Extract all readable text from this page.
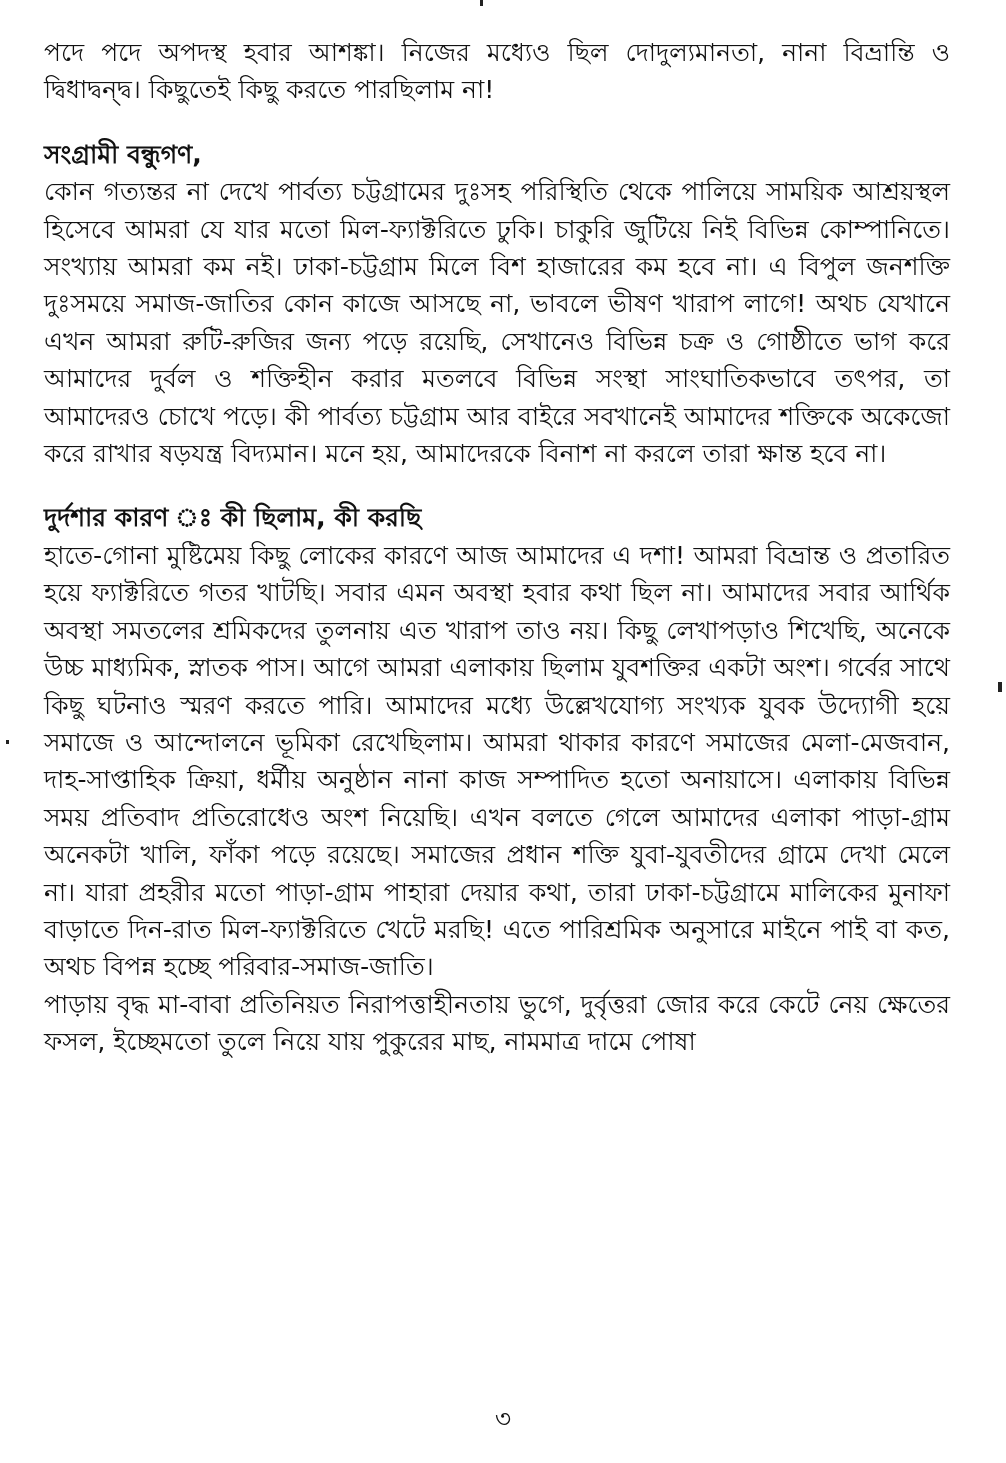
পদে পদে অপদস্থ হবার আশঙ্কা। নিজের মধ্যেও ছিল দোদুল্যমানতা, নানা বিভ্রান্তি ও দ্বিধাদ্বন্দ্ব। কিছুতেই কিছু করতে পারছিলাম না!

সংগ্রামী বন্ধুগণ,

কোন গত্যন্তর না দেখে পার্বত্য চট্টগ্রামের দুঃসহ পরিস্থিতি থেকে পালিয়ে সাময়িক আশ্রয়স্থল হিসেবে আমরা যে যার মতো মিল-ফ্যাক্টরিতে ঢুকি। চাকুরি জুটিয়ে নিই বিভিন্ন কোম্পানিতে। সংখ্যায় আমরা কম নই। ঢাকা-চট্টগ্রাম মিলে বিশ হাজারের কম হবে না। এ বিপুল জনশক্তি দুঃসময়ে সমাজ-জাতির কোন কাজে আসছে না, ভাবলে ভীষণ খারাপ লাগে! অথচ যেখানে এখন আমরা রুটি-রুজির জন্য পড়ে রয়েছি, সেখানেও বিভিন্ন চক্র ও গোষ্ঠীতে ভাগ করে আমাদের দুর্বল ও শক্তিহীন করার মতলবে বিভিন্ন সংস্থা সাংঘাতিকভাবে তৎপর, তা আমাদেরও চোখে পড়ে। কী পার্বত্য চট্টগ্রাম আর বাইরে সবখানেই আমাদের শক্তিকে অকেজো করে রাখার ষড়যন্ত্র বিদ্যমান। মনে হয়, আমাদেরকে বিনাশ না করলে তারা ক্ষান্ত হবে না।

দুর্দশার কারণ ঃ কী ছিলাম, কী করছি

হাতে-গোনা মুষ্টিমেয় কিছু লোকের কারণে আজ আমাদের এ দশা! আমরা বিভ্রান্ত ও প্রতারিত হয়ে ফ্যাক্টরিতে গতর খাটছি। সবার এমন অবস্থা হবার কথা ছিল না। আমাদের সবার আর্থিক অবস্থা সমতলের শ্রমিকদের তুলনায় এত খারাপ তাও নয়। কিছু লেখাপড়াও শিখেছি, অনেকে উচ্চ মাধ্যমিক, স্নাতক পাস। আগে আমরা এলাকায় ছিলাম যুবশক্তির একটা অংশ। গর্বের সাথে কিছু ঘটনাও স্মরণ করতে পারি। আমাদের মধ্যে উল্লেখযোগ্য সংখ্যক যুবক উদ্যোগী হয়ে সমাজে ও আন্দোলনে ভূমিকা রেখেছিলাম। আমরা থাকার কারণে সমাজের মেলা-মেজবান, দাহ-সাপ্তাহিক ক্রিয়া, ধর্মীয় অনুষ্ঠান নানা কাজ সম্পাদিত হতো অনায়াসে। এলাকায় বিভিন্ন সময় প্রতিবাদ প্রতিরোধেও অংশ নিয়েছি। এখন বলতে গেলে আমাদের এলাকা পাড়া-গ্রাম অনেকটা খালি, ফাঁকা পড়ে রয়েছে। সমাজের প্রধান শক্তি যুবা-যুবতীদের গ্রামে দেখা মেলে না। যারা প্রহরীর মতো পাড়া-গ্রাম পাহারা দেয়ার কথা, তারা ঢাকা-চট্টগ্রামে মালিকের মুনাফা বাড়াতে দিন-রাত মিল-ফ্যাক্টরিতে খেটে মরছি! এতে পারিশ্রমিক অনুসারে মাইনে পাই বা কত, অথচ বিপন্ন হচ্ছে পরিবার-সমাজ-জাতি।

পাড়ায় বৃদ্ধ মা-বাবা প্রতিনিয়ত নিরাপত্তাহীনতায় ভুগে, দুর্বৃত্তরা জোর করে কেটে নেয় ক্ষেতের ফসল, ইচ্ছেমতো তুলে নিয়ে যায় পুকুরের মাছ, নামমাত্র দামে পোষা

৩
